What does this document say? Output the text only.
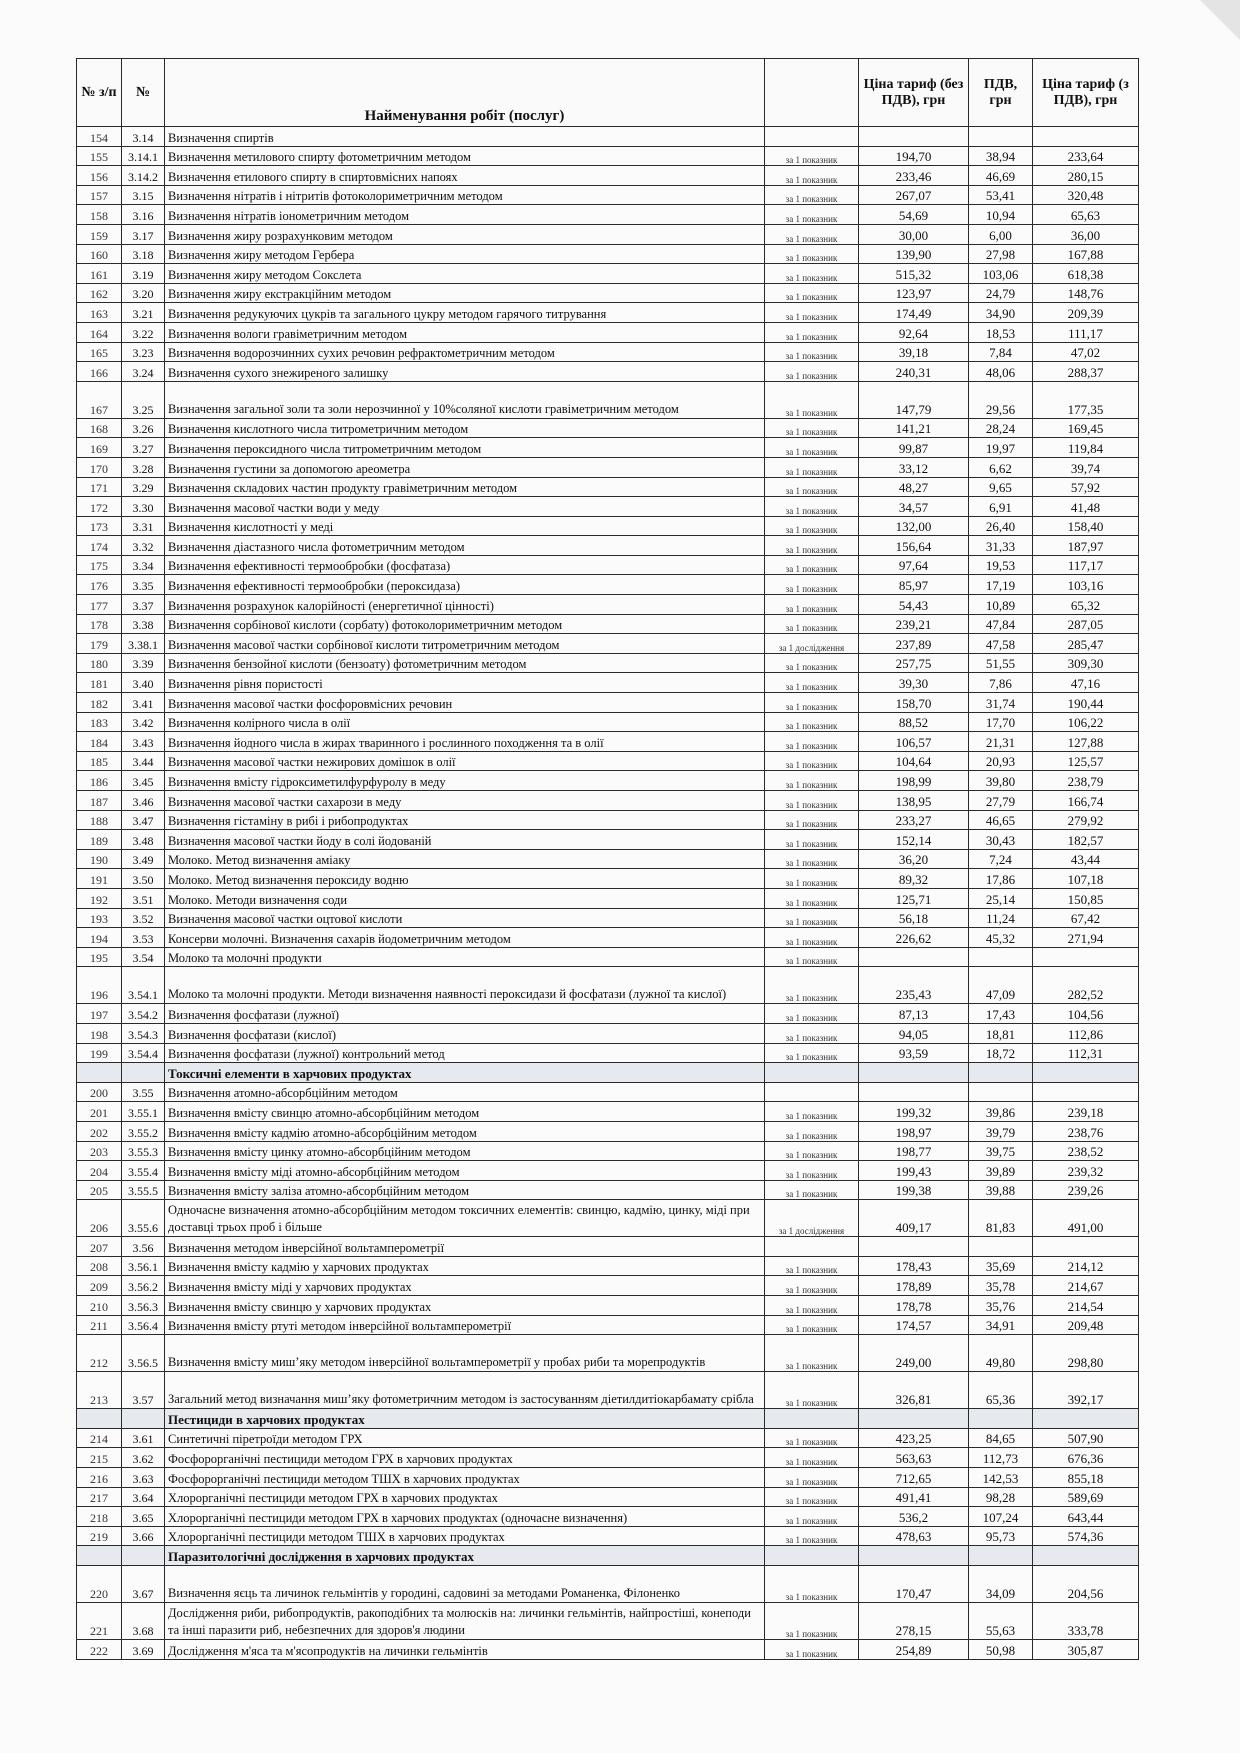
№ з/п	№	Найменування робіт (послуг)		Ціна тариф (без ПДВ), грн	ПДВ, грн	Ціна тариф (з ПДВ), грн
154	3.14	Визначення спиртів				
155	3.14.1	Визначення метилового спирту фотометричним методом	за 1 показник	194,70	38,94	233,64
156	3.14.2	Визначення етилового спирту в спиртовмісних напоях	за 1 показник	233,46	46,69	280,15
157	3.15	Визначення нітратів і нітритів фотоколориметричним методом	за 1 показник	267,07	53,41	320,48
158	3.16	Визначення нітратів іонометричним методом	за 1 показник	54,69	10,94	65,63
159	3.17	Визначення жиру розрахунковим методом	за 1 показник	30,00	6,00	36,00
160	3.18	Визначення жиру методом Гербера	за 1 показник	139,90	27,98	167,88
161	3.19	Визначення жиру методом Сокслета	за 1 показник	515,32	103,06	618,38
162	3.20	Визначення жиру екстракційним методом	за 1 показник	123,97	24,79	148,76
163	3.21	Визначення редукуючих цукрів та загального цукру методом гарячого титрування	за 1 показник	174,49	34,90	209,39
164	3.22	Визначення вологи гравіметричним методом	за 1 показник	92,64	18,53	111,17
165	3.23	Визначення водорозчинних сухих речовин рефрактометричним методом	за 1 показник	39,18	7,84	47,02
166	3.24	Визначення сухого знежиреного залишку	за 1 показник	240,31	48,06	288,37
167	3.25	Визначення загальної золи та золи нерозчинної у 10%соляної кислоти гравіметричним методом	за 1 показник	147,79	29,56	177,35
168	3.26	Визначення кислотного числа титрометричним методом	за 1 показник	141,21	28,24	169,45
169	3.27	Визначення пероксидного числа титрометричним методом	за 1 показник	99,87	19,97	119,84
170	3.28	Визначення густини за допомогою ареометра	за 1 показник	33,12	6,62	39,74
171	3.29	Визначення складових частин продукту гравіметричним методом	за 1 показник	48,27	9,65	57,92
172	3.30	Визначення масової частки води у меду	за 1 показник	34,57	6,91	41,48
173	3.31	Визначення кислотності у меді	за 1 показник	132,00	26,40	158,40
174	3.32	Визначення діастазного числа фотометричним методом	за 1 показник	156,64	31,33	187,97
175	3.34	Визначення ефективності термообробки (фосфатаза)	за 1 показник	97,64	19,53	117,17
176	3.35	Визначення ефективності термообробки (пероксидаза)	за 1 показник	85,97	17,19	103,16
177	3.37	Визначення розрахунок калорійності (енергетичної цінності)	за 1 показник	54,43	10,89	65,32
178	3.38	Визначення сорбінової кислоти (сорбату) фотоколориметричним методом	за 1 показник	239,21	47,84	287,05
179	3.38.1	Визначення масової частки сорбінової кислоти титрометричним методом	за 1 дослідження	237,89	47,58	285,47
180	3.39	Визначення бензойної кислоти (бензоату) фотометричним методом	за 1 показник	257,75	51,55	309,30
181	3.40	Визначення рівня пористості	за 1 показник	39,30	7,86	47,16
182	3.41	Визначення масової частки фосфоровмісних речовин	за 1 показник	158,70	31,74	190,44
183	3.42	Визначення колірного числа в олії	за 1 показник	88,52	17,70	106,22
184	3.43	Визначення йодного числа в жирах тваринного і рослинного походження та в олії	за 1 показник	106,57	21,31	127,88
185	3.44	Визначення масової частки нежирових домішок в олії	за 1 показник	104,64	20,93	125,57
186	3.45	Визначення вмісту гідроксиметилфурфуролу в меду	за 1 показник	198,99	39,80	238,79
187	3.46	Визначення масової частки сахарози в меду	за 1 показник	138,95	27,79	166,74
188	3.47	Визначення гістаміну в рибі і рибопродуктах	за 1 показник	233,27	46,65	279,92
189	3.48	Визначення масової частки йоду в солі йодованій	за 1 показник	152,14	30,43	182,57
190	3.49	Молоко. Метод визначення аміаку	за 1 показник	36,20	7,24	43,44
191	3.50	Молоко. Метод визначення пероксиду водню	за 1 показник	89,32	17,86	107,18
192	3.51	Молоко. Методи визначення соди	за 1 показник	125,71	25,14	150,85
193	3.52	Визначення масової частки оцтової кислоти	за 1 показник	56,18	11,24	67,42
194	3.53	Консерви молочні. Визначення сахарів йодометричним методом	за 1 показник	226,62	45,32	271,94
195	3.54	Молоко та молочні продукти	за 1 показник			
196	3.54.1	Молоко та молочні продукти. Методи визначення наявності пероксидази й фосфатази (лужної та кислої)	за 1 показник	235,43	47,09	282,52
197	3.54.2	Визначення фосфатази (лужної)	за 1 показник	87,13	17,43	104,56
198	3.54.3	Визначення фосфатази (кислої)	за 1 показник	94,05	18,81	112,86
199	3.54.4	Визначення фосфатази (лужної) контрольний метод	за 1 показник	93,59	18,72	112,31
		Токсичні елементи в харчових продуктах				
200	3.55	Визначення атомно-абсорбційним методом				
201	3.55.1	Визначення вмісту свинцю атомно-абсорбційним методом	за 1 показник	199,32	39,86	239,18
202	3.55.2	Визначення вмісту кадмію атомно-абсорбційним методом	за 1 показник	198,97	39,79	238,76
203	3.55.3	Визначення вмісту цинку атомно-абсорбційним методом	за 1 показник	198,77	39,75	238,52
204	3.55.4	Визначення вмісту міді атомно-абсорбційним методом	за 1 показник	199,43	39,89	239,32
205	3.55.5	Визначення вмісту заліза атомно-абсорбційним методом	за 1 показник	199,38	39,88	239,26
206	3.55.6	Одночасне визначення атомно-абсорбційним методом токсичних елементів: свинцю, кадмію, цинку, міді при доставці трьох проб і більше	за 1 дослідження	409,17	81,83	491,00
207	3.56	Визначення методом інверсійної вольтамперометрії				
208	3.56.1	Визначення вмісту кадмію у харчових продуктах	за 1 показник	178,43	35,69	214,12
209	3.56.2	Визначення вмісту міді у харчових продуктах	за 1 показник	178,89	35,78	214,67
210	3.56.3	Визначення вмісту свинцю у харчових продуктах	за 1 показник	178,78	35,76	214,54
211	3.56.4	Визначення вмісту ртуті методом інверсійної вольтамперометрії	за 1 показник	174,57	34,91	209,48
212	3.56.5	Визначення вмісту миш’яку методом інверсійної вольтамперометрії у пробах риби та морепродуктів	за 1 показник	249,00	49,80	298,80
213	3.57	Загальний метод визначання миш’яку фотометричним методом із застосуванням діетилдитіокарбамату срібла	за 1 показник	326,81	65,36	392,17
		Пестициди в харчових продуктах				
214	3.61	Синтетичні піретроїди методом ГРХ	за 1 показник	423,25	84,65	507,90
215	3.62	Фосфорорганічні пестициди методом ГРХ в харчових продуктах	за 1 показник	563,63	112,73	676,36
216	3.63	Фосфорорганічні пестициди методом ТШХ в харчових продуктах	за 1 показник	712,65	142,53	855,18
217	3.64	Хлорорганічні пестициди методом ГРХ в харчових продуктах	за 1 показник	491,41	98,28	589,69
218	3.65	Хлорорганічні пестициди методом ГРХ в харчових продуктах (одночасне визначення)	за 1 показник	536,2	107,24	643,44
219	3.66	Хлорорганічні пестициди методом ТШХ в харчових продуктах	за 1 показник	478,63	95,73	574,36
		Паразитологічні дослідження в харчових продуктах				
220	3.67	Визначення яєць та личинок гельмінтів у городині, садовині за методами Романенка, Філоненко	за 1 показник	170,47	34,09	204,56
221	3.68	Дослідження риби, рибопродуктів, ракоподібних та молюсків на: личинки гельмінтів, найпростіші, конеподи та інші паразити риб, небезпечних для здоров'я людини	за 1 показник	278,15	55,63	333,78
222	3.69	Дослідження м'яса та м'ясопродуктів на личинки гельмінтів	за 1 показник	254,89	50,98	305,87
